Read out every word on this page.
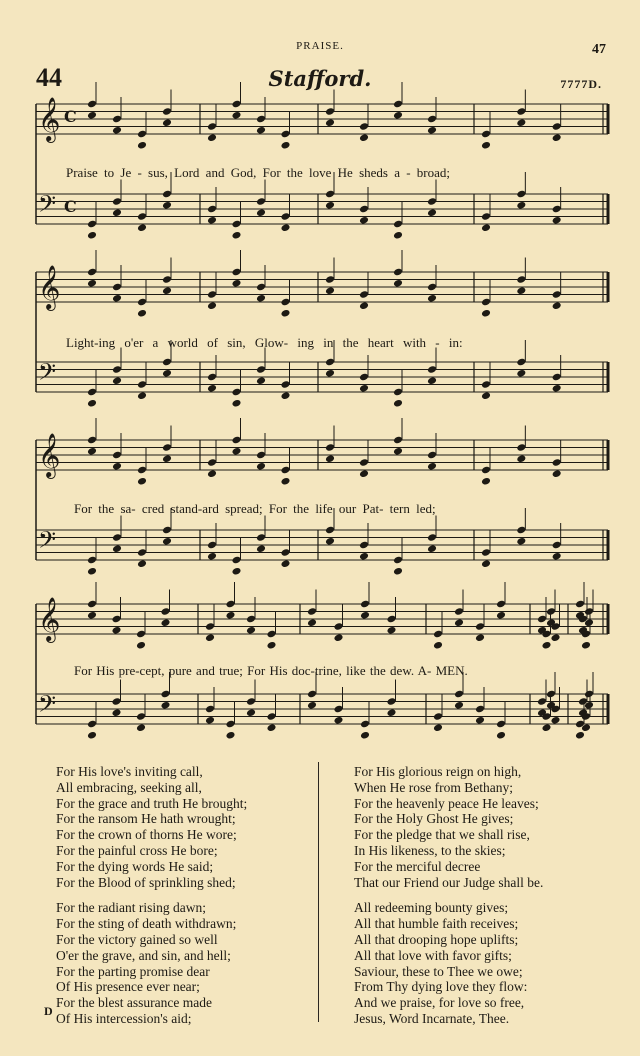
PRAISE.	47
44	Stafford.	7777D.
𝄞 C
𝄢 C
𝄞
𝄢
𝄞
𝄢
𝄞
𝄢
Praise to Je - sus, Lord and God, For the love He sheds a - broad;
Light-ing o'er a world of sin, Glow- ing in the heart with - in:
For the sa- cred stand-ard spread; For the life our Pat- tern led;
For His pre-cept, pure and true; For His doc-trine, like the dew. A- MEN.
For His love's inviting call,
All embracing, seeking all,
For the grace and truth He brought;
For the ransom He hath wrought;
For the crown of thorns He wore;
For the painful cross He bore;
For the dying words He said;
For the Blood of sprinkling shed;
For the radiant rising dawn;
For the sting of death withdrawn;
For the victory gained so well
O'er the grave, and sin, and hell;
For the parting promise dear
Of His presence ever near;
For the blest assurance made
Of His intercession's aid;
For His glorious reign on high,
When He rose from Bethany;
For the heavenly peace He leaves;
For the Holy Ghost He gives;
For the pledge that we shall rise,
In His likeness, to the skies;
For the merciful decree
That our Friend our Judge shall be.
All redeeming bounty gives;
All that humble faith receives;
All that drooping hope uplifts;
All that love with favor gifts;
Saviour, these to Thee we owe;
From Thy dying love they flow:
And we praise, for love so free,
Jesus, Word Incarnate, Thee.
D
